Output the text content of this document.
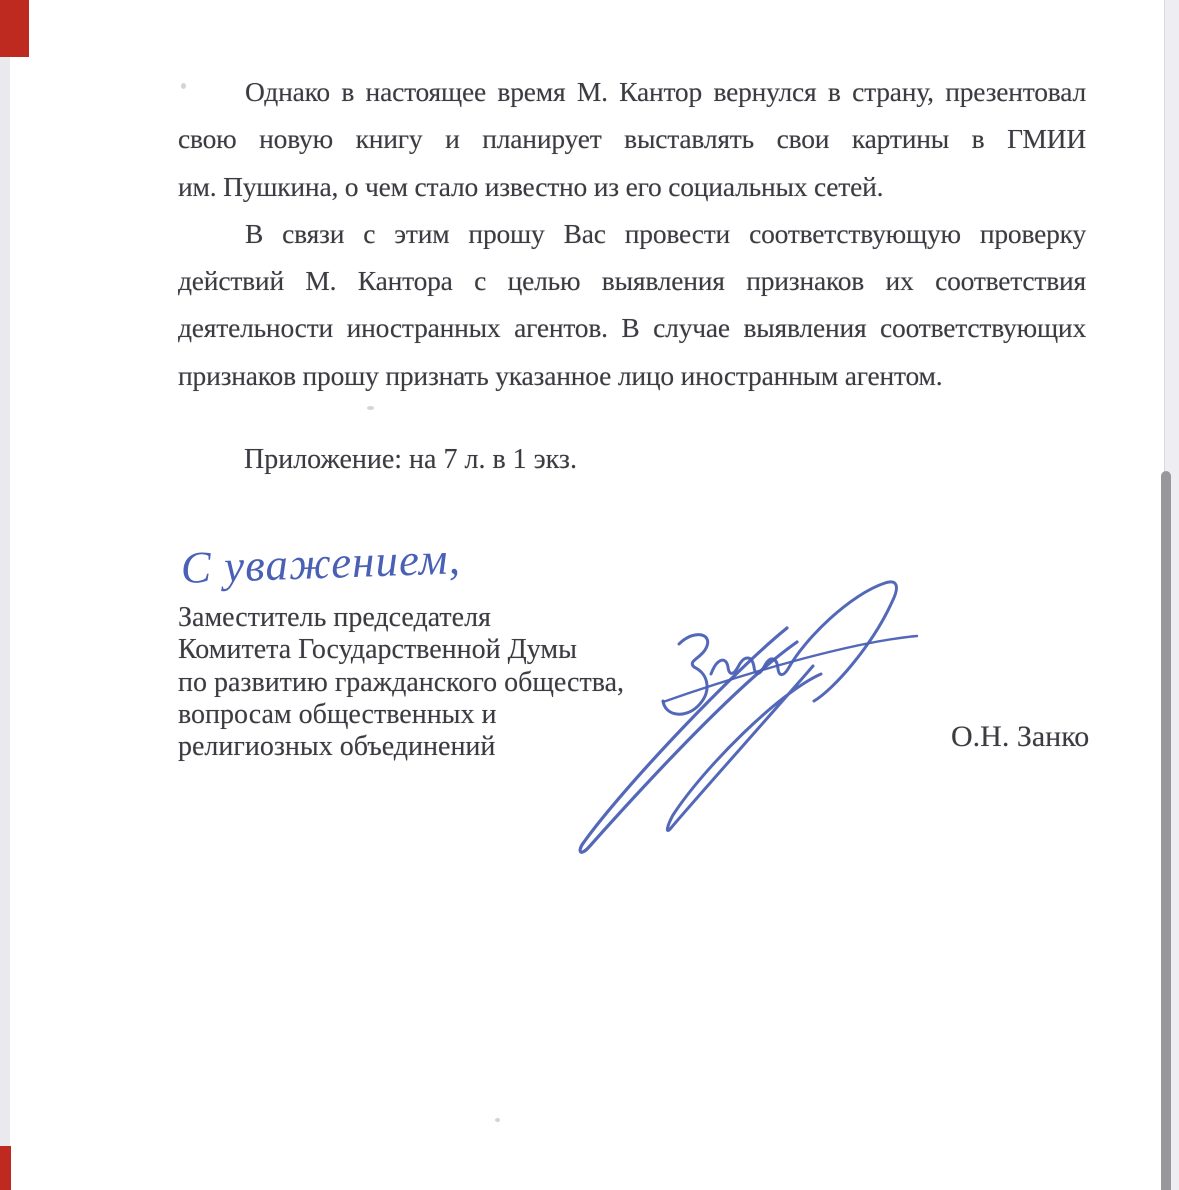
Однако в настоящее время М. Кантор вернулся в страну, презентовал
свою новую книгу и планирует выставлять свои картины в ГМИИ
им. Пушкина, о чем стало известно из его социальных сетей.
В связи с этим прошу Вас провести соответствующую проверку
действий М. Кантора с целью выявления признаков их соответствия
деятельности иностранных агентов. В случае выявления соответствующих
признаков прошу признать указанное лицо иностранным агентом.
Приложение: на 7 л. в 1 экз.
С уважением,
Заместитель председателя
Комитета Государственной Думы
по развитию гражданского общества,
вопросам общественных и
религиозных объединений	О.Н. Занко
